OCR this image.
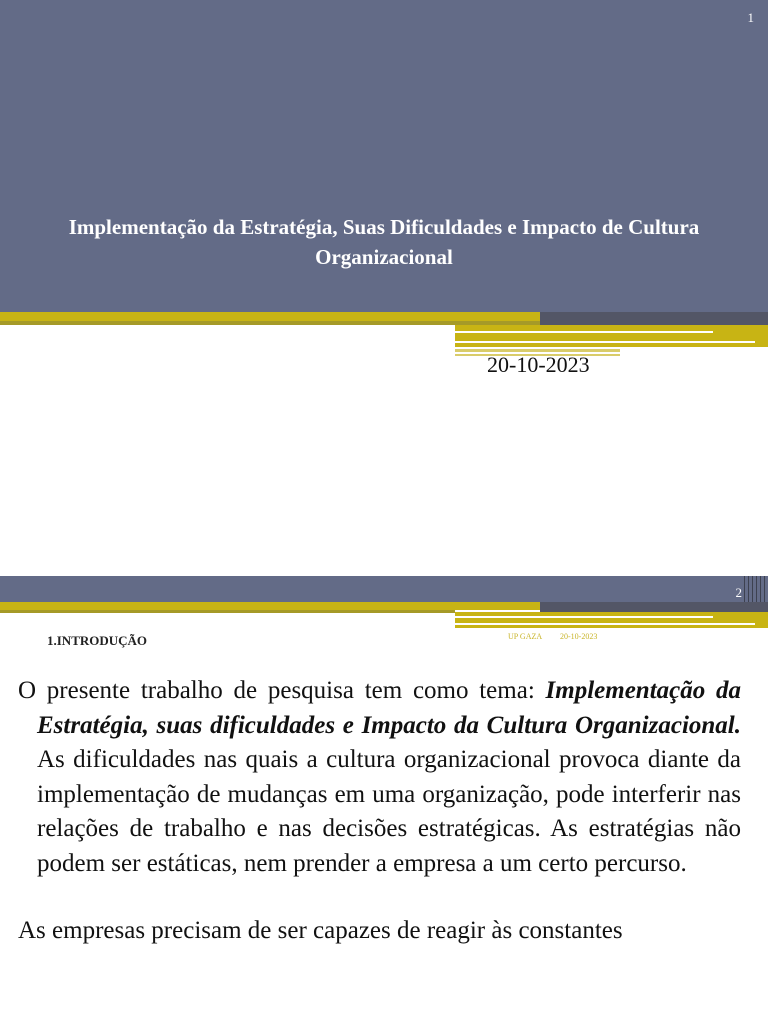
1
Implementação da Estratégia, Suas Dificuldades e Impacto de Cultura Organizacional
20-10-2023
2
1.INTRODUÇÃO	UP GAZA 20-10-2023

O presente trabalho de pesquisa tem como tema: Implementação da Estratégia, suas dificuldades e Impacto da Cultura Organizacional. As dificuldades nas quais a cultura organizacional provoca diante da implementação de mudanças em uma organização, pode interferir nas relações de trabalho e nas decisões estratégicas. As estratégias não podem ser estáticas, nem prender a empresa a um certo percurso.

As empresas precisam de ser capazes de reagir às constantes
